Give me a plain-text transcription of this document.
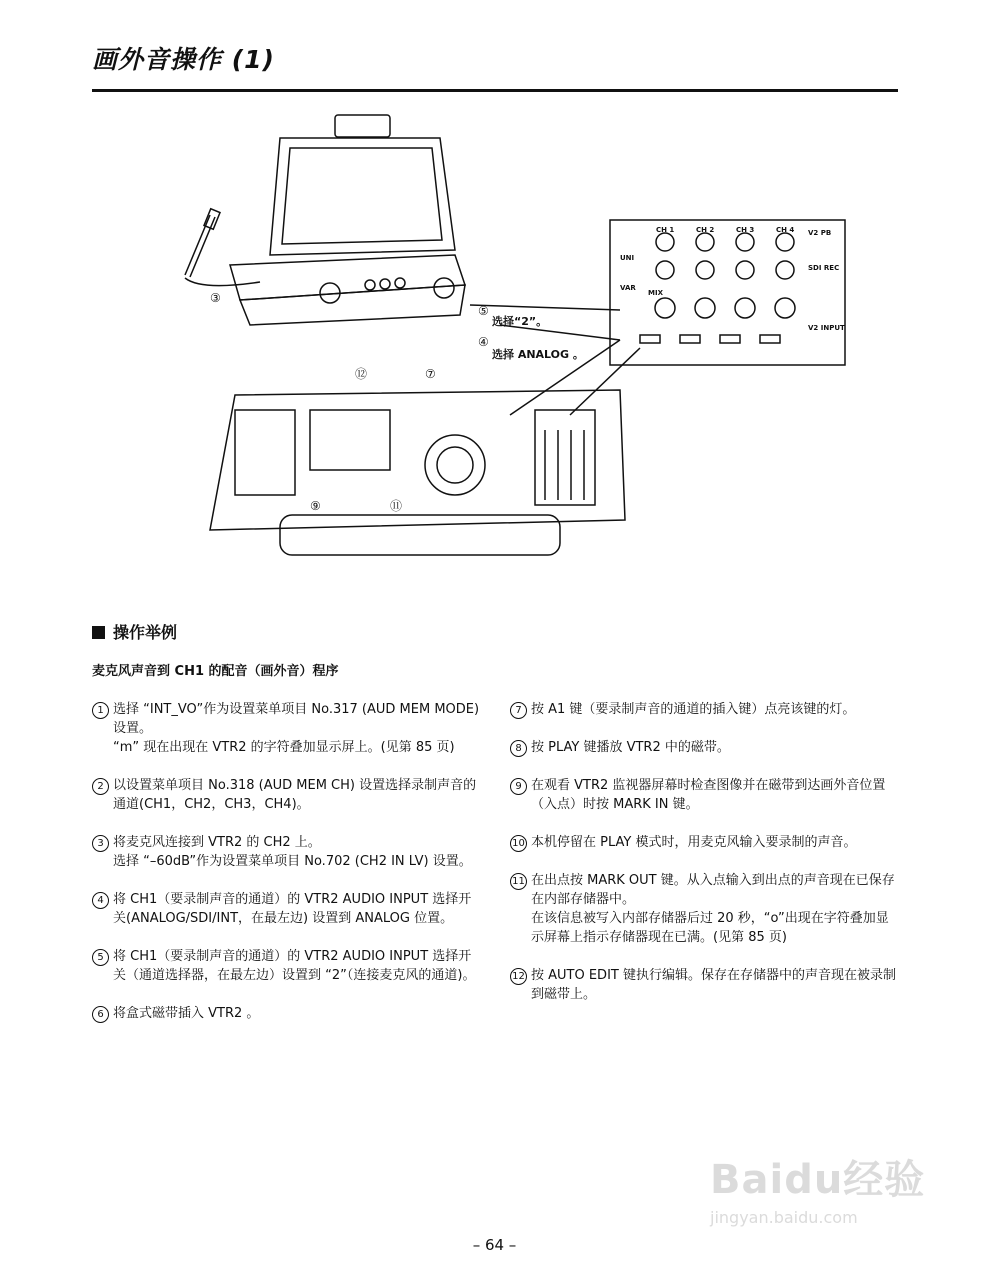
画外音操作 (1)
③
⑤
④
⑫	⑦
⑨	⑪
选择“2”。
选择 ANALOG 。
CH 1	CH 2	CH 3	CH 4 V2 PB
SDI REC
UNI
VAR
MIX
V2 INPUT
操作举例
麦克风声音到 CH1 的配音（画外音）程序
1 选择 “INT_VO”作为设置菜单项目 No.317 (AUD MEM MODE) 设置。

“m” 现在出现在 VTR2 的字符叠加显示屏上。(见第 85 页)

2 以设置菜单项目 No.318 (AUD MEM CH) 设置选择录制声音的通道(CH1，CH2，CH3，CH4)。

3 将麦克风连接到 VTR2 的 CH2 上。

选择 “–60dB”作为设置菜单项目 No.702 (CH2 IN LV) 设置。

4 将 CH1（要录制声音的通道）的 VTR2 AUDIO INPUT 选择开关(ANALOG/SDI/INT，在最左边) 设置到 ANALOG 位置。

5 将 CH1（要录制声音的通道）的 VTR2 AUDIO INPUT 选择开关（通道选择器，在最左边）设置到 “2”（连接麦克风的通道)。

6 将盒式磁带插入 VTR2 。

7 按 A1 键（要录制声音的通道的插入键）点亮该键的灯。

8 按 PLAY 键播放 VTR2 中的磁带。

9 在观看 VTR2 监视器屏幕时检查图像并在磁带到达画外音位置（入点）时按 MARK IN 键。

10 本机停留在 PLAY 模式时，用麦克风输入要录制的声音。

11 在出点按 MARK OUT 键。从入点输入到出点的声音现在已保存在内部存储器中。

在该信息被写入内部存储器后过 20 秒，“o”出现在字符叠加显示屏幕上指示存储器现在已满。(见第 85 页)

12 按 AUTO EDIT 键执行编辑。保存在存储器中的声音现在被录制到磁带上。

– 64 –
Baidu经验
jingyan.baidu.com
